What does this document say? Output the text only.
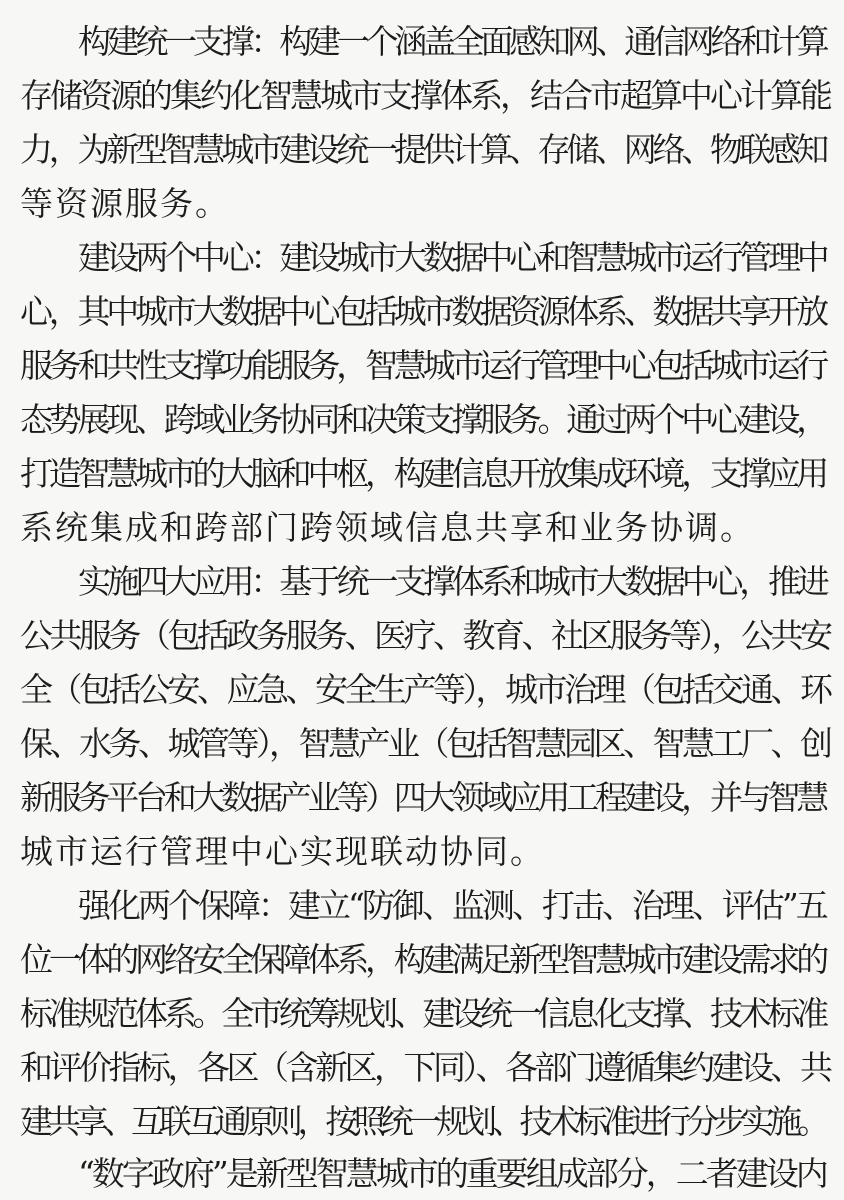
构建统一支撑：构建一个涵盖全面感知网、通信网络和计算
存储资源的集约化智慧城市支撑体系，结合市超算中心计算能
力，为新型智慧城市建设统一提供计算、存储、网络、物联感知
等资源服务。
建设两个中心：建设城市大数据中心和智慧城市运行管理中
心，其中城市大数据中心包括城市数据资源体系、数据共享开放
服务和共性支撑功能服务，智慧城市运行管理中心包括城市运行
态势展现、跨域业务协同和决策支撑服务。通过两个中心建设，
打造智慧城市的大脑和中枢，构建信息开放集成环境，支撑应用
系统集成和跨部门跨领域信息共享和业务协调。
实施四大应用：基于统一支撑体系和城市大数据中心，推进
公共服务（包括政务服务、医疗、教育、社区服务等），公共安
全（包括公安、应急、安全生产等），城市治理（包括交通、环
保、水务、城管等），智慧产业（包括智慧园区、智慧工厂、创
新服务平台和大数据产业等）四大领域应用工程建设，并与智慧
城市运行管理中心实现联动协同。
强化两个保障：建立“防御、监测、打击、治理、评估”五
位一体的网络安全保障体系，构建满足新型智慧城市建设需求的
标准规范体系。全市统筹规划、建设统一信息化支撑、技术标准
和评价指标，各区（含新区，下同）、各部门遵循集约建设、共
建共享、互联互通原则，按照统一规划、技术标准进行分步实施。
“数字政府”是新型智慧城市的重要组成部分，二者建设内
